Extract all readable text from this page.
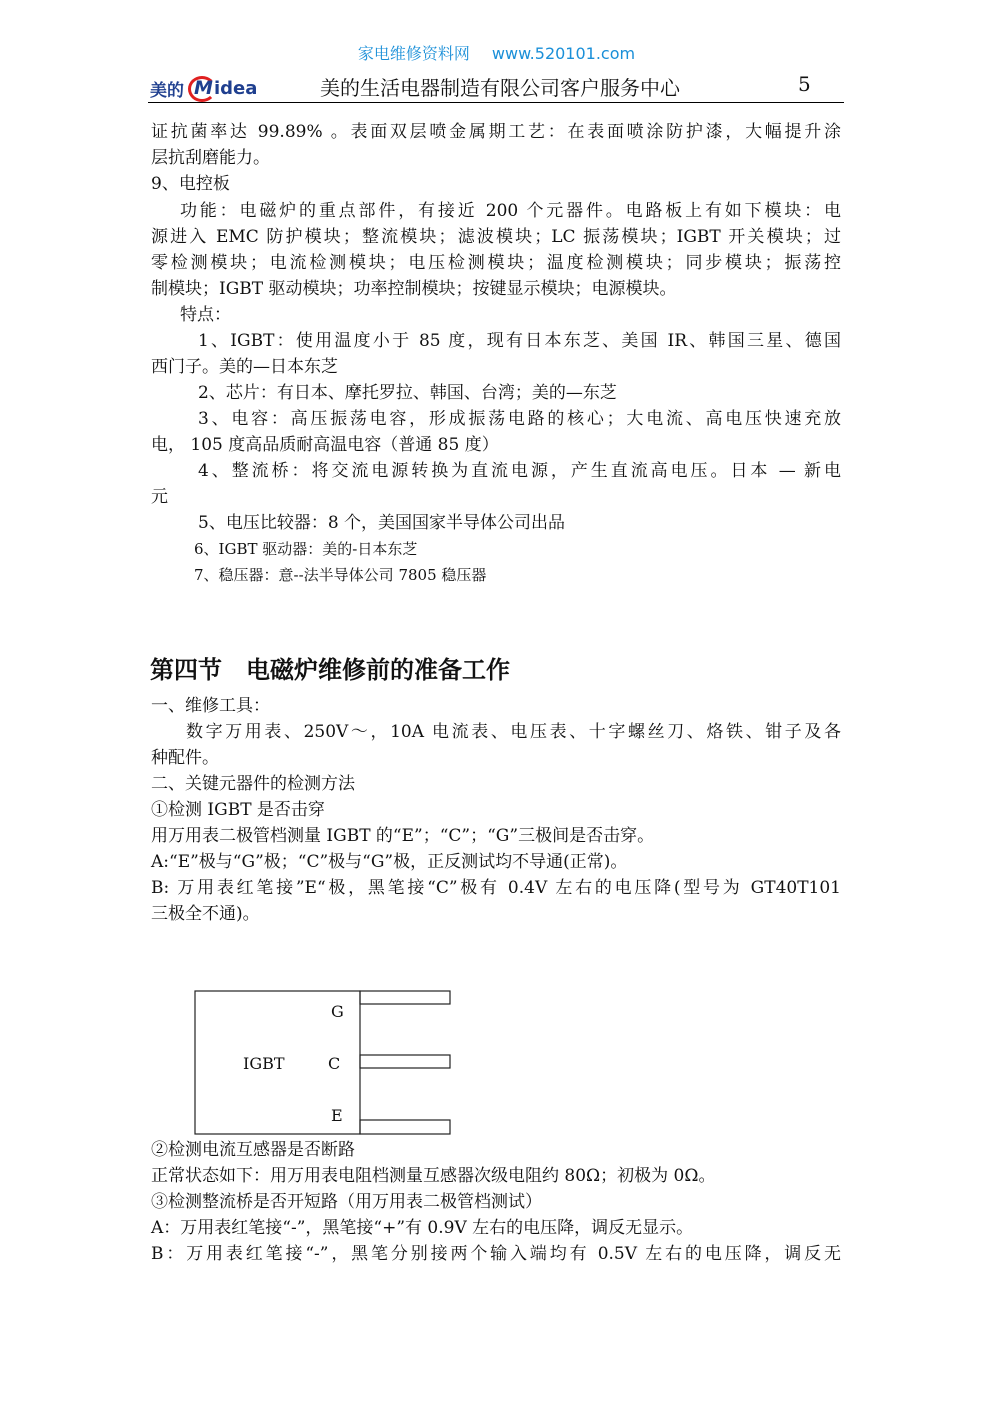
家电维修资料网 www.520101.com
美的 M idea	美的生活电器制造有限公司客户服务中心	5
证抗菌率达 99.89% 。表面双层喷金属期工艺：在表面喷涂防护漆，大幅提升涂
层抗刮磨能力。
9、电控板
功能：电磁炉的重点部件，有接近 200 个元器件。电路板上有如下模块：电
源进入 EMC 防护模块；整流模块；滤波模块；LC 振荡模块；IGBT 开关模块；过
零检测模块；电流检测模块；电压检测模块；温度检测模块；同步模块；振荡控
制模块；IGBT 驱动模块；功率控制模块；按键显示模块；电源模块。
特点：
1、IGBT：使用温度小于 85 度，现有日本东芝、美国 IR、韩国三星、德国
西门子。美的—日本东芝
2、芯片：有日本、摩托罗拉、韩国、台湾；美的—东芝
3、电容：高压振荡电容，形成振荡电路的核心；大电流、高电压快速充放
电， 105 度高品质耐高温电容（普通 85 度）
4、整流桥：将交流电源转换为直流电源，产生直流高电压。日本 — 新电
元
5、电压比较器：8 个，美国国家半导体公司出品
6、IGBT 驱动器：美的-日本东芝
7、稳压器：意--法半导体公司 7805 稳压器
第四节 电磁炉维修前的准备工作
一、维修工具：
数字万用表、250V～，10A 电流表、电压表、十字螺丝刀、烙铁、钳子及各
种配件。
二、关键元器件的检测方法
①检测 IGBT 是否击穿
用万用表二极管档测量 IGBT 的“E”；“C”；“G”三极间是否击穿。
A:“E”极与“G”极；“C”极与“G”极，正反测试均不导通(正常)。
B: 万用表红笔接”E“极，黑笔接“C”极有 0.4V 左右的电压降(型号为 GT40T101
三极全不通)。
IGBT
G
C
E
②检测电流互感器是否断路
正常状态如下：用万用表电阻档测量互感器次级电阻约 80Ω；初极为 0Ω。
③检测整流桥是否开短路（用万用表二极管档测试）
A：万用表红笔接“-”，黑笔接“+”有 0.9V 左右的电压降，调反无显示。
B：万用表红笔接“-”，黑笔分别接两个输入端均有 0.5V 左右的电压降，调反无
